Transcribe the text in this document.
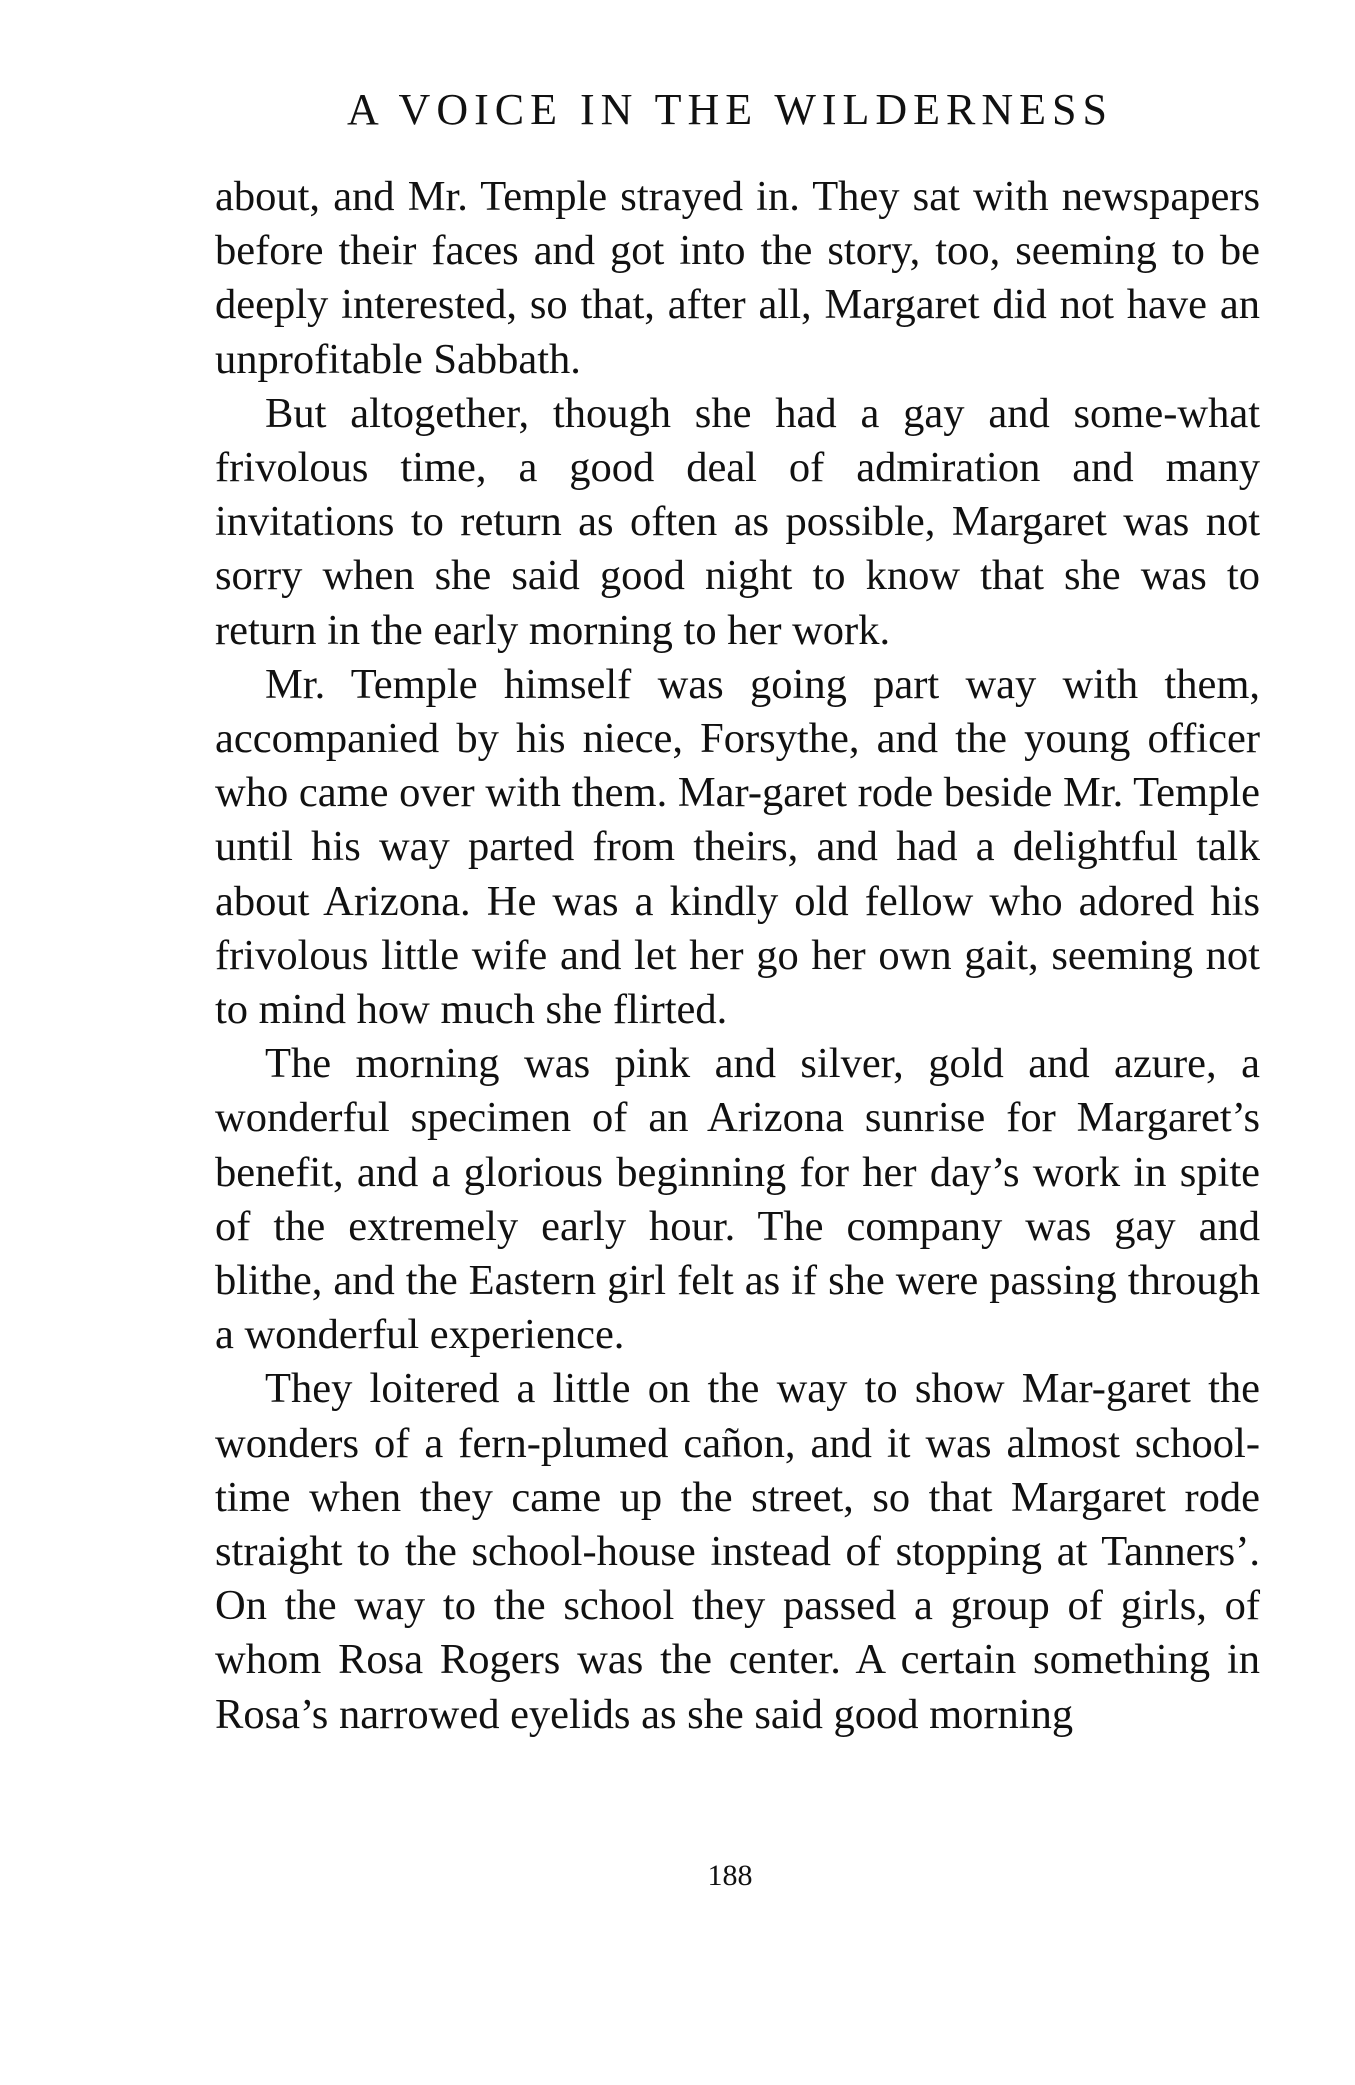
A VOICE IN THE WILDERNESS

about, and Mr. Temple strayed in. They sat with newspapers before their faces and got into the story, too, seeming to be deeply interested, so that, after all, Margaret did not have an unprofitable Sabbath.

But altogether, though she had a gay and some-what frivolous time, a good deal of admiration and many invitations to return as often as possible, Margaret was not sorry when she said good night to know that she was to return in the early morning to her work.

Mr. Temple himself was going part way with them, accompanied by his niece, Forsythe, and the young officer who came over with them. Mar-garet rode beside Mr. Temple until his way parted from theirs, and had a delightful talk about Arizona. He was a kindly old fellow who adored his frivolous little wife and let her go her own gait, seeming not to mind how much she flirted.

The morning was pink and silver, gold and azure, a wonderful specimen of an Arizona sunrise for Margaret’s benefit, and a glorious beginning for her day’s work in spite of the extremely early hour. The company was gay and blithe, and the Eastern girl felt as if she were passing through a wonderful experience.

They loitered a little on the way to show Mar-garet the wonders of a fern-plumed cañon, and it was almost school-time when they came up the street, so that Margaret rode straight to the school-house instead of stopping at Tanners’. On the way to the school they passed a group of girls, of whom Rosa Rogers was the center. A certain something in Rosa’s narrowed eyelids as she said good morning

188
